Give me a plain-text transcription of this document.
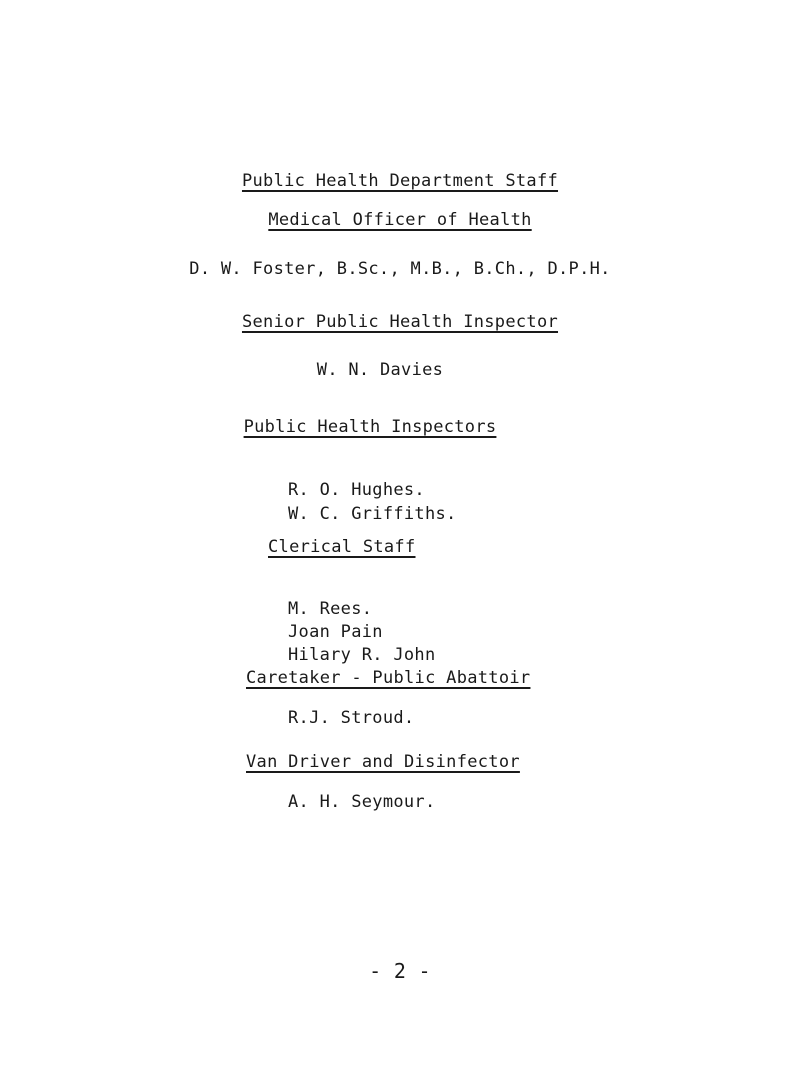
Public Health Department Staff
Medical Officer of Health
D. W. Foster, B.Sc., M.B., B.Ch., D.P.H.
Senior Public Health Inspector
W. N. Davies
Public Health Inspectors
R. O. Hughes.
W. C. Griffiths.
Clerical Staff
M. Rees.
Joan Pain
Hilary R. John
Caretaker - Public Abattoir
R.J. Stroud.
Van Driver and Disinfector
A. H. Seymour.
- 2 -
